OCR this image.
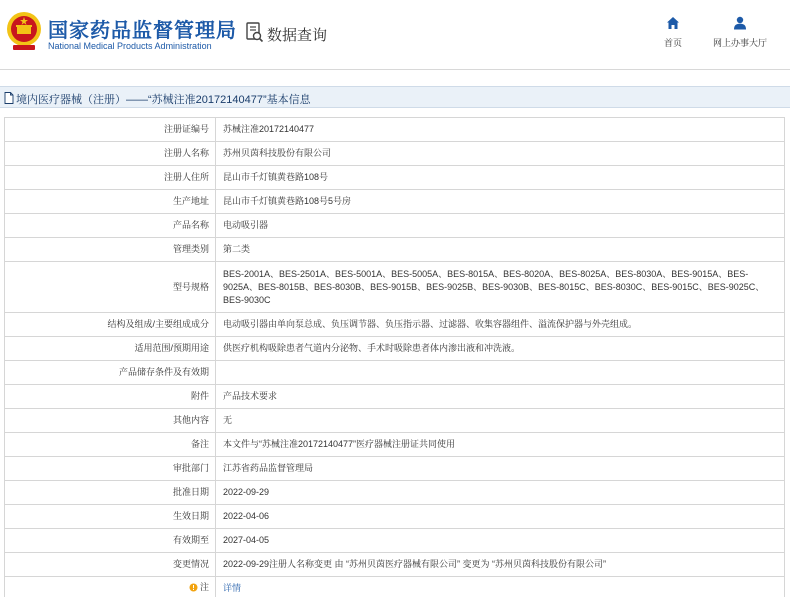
国家药品监督管理局
National Medical Products Administration
数据查询	首页	网上办事大厅
境内医疗器械（注册）——“苏械注准20172140477”基本信息
注册证编号	苏械注准20172140477
注册人名称	苏州贝茵科技股份有限公司
注册人住所	昆山市千灯镇黄巷路108号
生产地址	昆山市千灯镇黄巷路108号5号房
产品名称	电动吸引器
管理类别	第二类
型号规格	BES-2001A、BES-2501A、BES-5001A、BES-5005A、BES-8015A、BES-8020A、BES-8025A、BES-8030A、BES-9015A、BES-9025A、BES-8015B、BES-8030B、BES-9015B、BES-9025B、BES-9030B、BES-8015C、BES-8030C、BES-9015C、BES-9025C、BES-9030C
结构及组成/主要组成成分	电动吸引器由单向泵总成、负压调节器、负压指示器、过滤器、收集容器组件、溢流保护器与外壳组成。
适用范围/预期用途	供医疗机构吸除患者气道内分泌物、手术时吸除患者体内渗出液和冲洗液。
产品储存条件及有效期	
附件	产品技术要求
其他内容	无
备注	本文件与“苏械注准20172140477”医疗器械注册证共同使用
审批部门	江苏省药品监督管理局
批准日期	2022-09-29
生效日期	2022-04-06
有效期至	2027-04-05
变更情况	2022-09-29注册人名称变更 由 “苏州贝茵医疗器械有限公司” 变更为 “苏州贝茵科技股份有限公司”

注	详情
